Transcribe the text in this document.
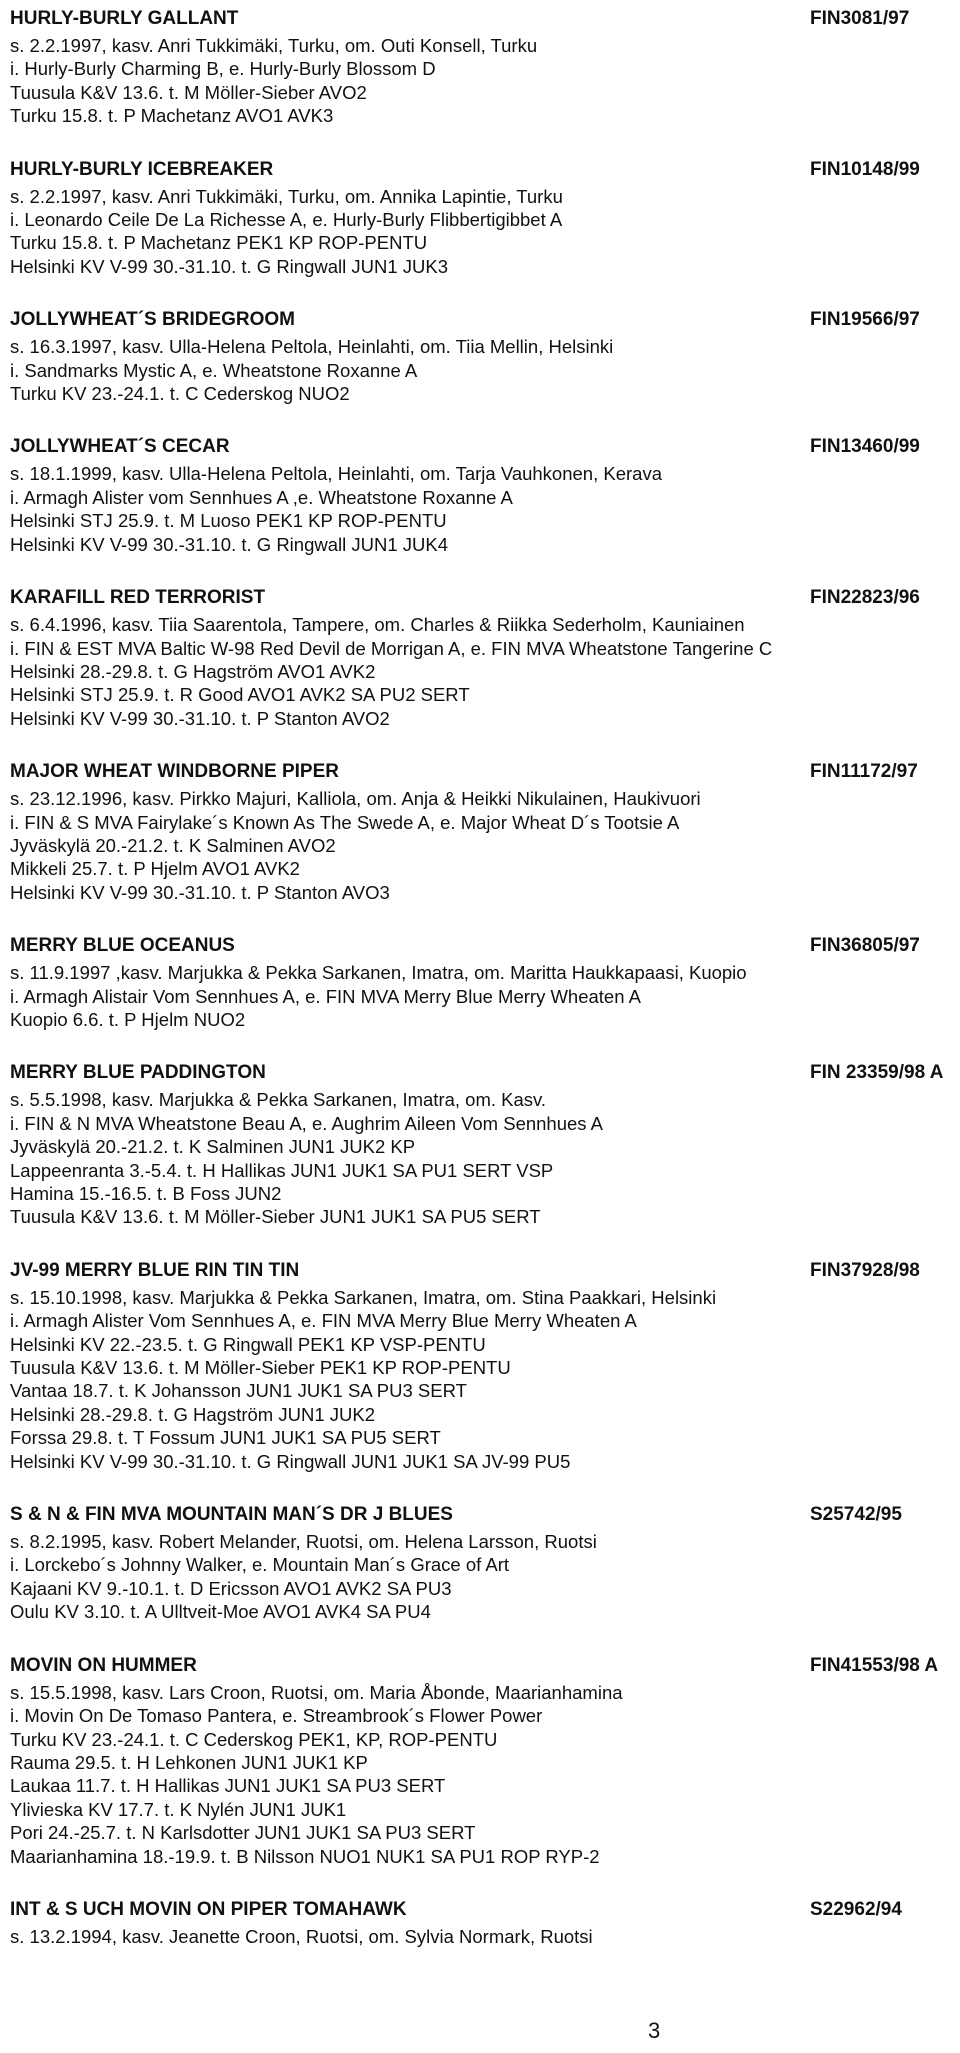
HURLY-BURLY GALLANT	FIN3081/97
s. 2.2.1997, kasv. Anri Tukkimäki, Turku, om. Outi Konsell, Turku
i. Hurly-Burly Charming B, e. Hurly-Burly Blossom D
Tuusula K&V 13.6. t. M Möller-Sieber AVO2
Turku 15.8. t. P Machetanz AVO1 AVK3
HURLY-BURLY ICEBREAKER	FIN10148/99
s. 2.2.1997, kasv. Anri Tukkimäki, Turku, om. Annika Lapintie, Turku
i. Leonardo Ceile De La Richesse A, e. Hurly-Burly Flibbertigibbet A
Turku 15.8. t. P Machetanz PEK1 KP ROP-PENTU
Helsinki KV V-99 30.-31.10. t. G Ringwall JUN1 JUK3
JOLLYWHEAT´S BRIDEGROOM	FIN19566/97
s. 16.3.1997, kasv. Ulla-Helena Peltola, Heinlahti, om. Tiia Mellin, Helsinki
i. Sandmarks Mystic A, e. Wheatstone Roxanne A
Turku KV 23.-24.1. t. C Cederskog NUO2
JOLLYWHEAT´S CECAR	FIN13460/99
s. 18.1.1999, kasv. Ulla-Helena Peltola, Heinlahti, om. Tarja Vauhkonen, Kerava
i. Armagh Alister vom Sennhues A ,e. Wheatstone Roxanne A
Helsinki STJ 25.9. t. M Luoso PEK1 KP ROP-PENTU
Helsinki KV V-99 30.-31.10. t. G Ringwall JUN1 JUK4
KARAFILL RED TERRORIST	FIN22823/96
s. 6.4.1996, kasv. Tiia Saarentola, Tampere, om. Charles & Riikka Sederholm, Kauniainen
i. FIN & EST MVA Baltic W-98 Red Devil de Morrigan A, e. FIN MVA Wheatstone Tangerine C
Helsinki 28.-29.8. t. G Hagström AVO1 AVK2
Helsinki STJ 25.9. t. R Good AVO1 AVK2 SA PU2 SERT
Helsinki KV V-99 30.-31.10. t. P Stanton AVO2
MAJOR WHEAT WINDBORNE PIPER	FIN11172/97
s. 23.12.1996, kasv. Pirkko Majuri, Kalliola, om. Anja & Heikki Nikulainen, Haukivuori
i. FIN & S MVA Fairylake´s Known As The Swede A, e. Major Wheat D´s Tootsie A
Jyväskylä 20.-21.2. t. K Salminen AVO2
Mikkeli 25.7. t. P Hjelm AVO1 AVK2
Helsinki KV V-99 30.-31.10. t. P Stanton AVO3
MERRY BLUE OCEANUS	FIN36805/97
s. 11.9.1997 ,kasv. Marjukka & Pekka Sarkanen, Imatra, om. Maritta Haukkapaasi, Kuopio
i. Armagh Alistair Vom Sennhues A, e. FIN MVA Merry Blue Merry Wheaten A
Kuopio 6.6. t. P Hjelm NUO2
MERRY BLUE PADDINGTON	FIN 23359/98 A
s. 5.5.1998, kasv. Marjukka & Pekka Sarkanen, Imatra, om. Kasv.
i. FIN & N MVA Wheatstone Beau A, e. Aughrim Aileen Vom Sennhues A
Jyväskylä 20.-21.2. t. K Salminen JUN1 JUK2 KP
Lappeenranta 3.-5.4. t. H Hallikas JUN1 JUK1 SA PU1 SERT VSP
Hamina 15.-16.5. t. B Foss JUN2
Tuusula K&V 13.6. t. M Möller-Sieber JUN1 JUK1 SA PU5 SERT
JV-99 MERRY BLUE RIN TIN TIN	FIN37928/98
s. 15.10.1998, kasv. Marjukka & Pekka Sarkanen, Imatra, om. Stina Paakkari, Helsinki
i. Armagh Alister Vom Sennhues A, e. FIN MVA Merry Blue Merry Wheaten A
Helsinki KV 22.-23.5. t. G Ringwall PEK1 KP VSP-PENTU
Tuusula K&V 13.6. t. M Möller-Sieber PEK1 KP ROP-PENTU
Vantaa 18.7. t. K Johansson JUN1 JUK1 SA PU3 SERT
Helsinki 28.-29.8. t. G Hagström JUN1 JUK2
Forssa 29.8. t. T Fossum JUN1 JUK1 SA PU5 SERT
Helsinki KV V-99 30.-31.10. t. G Ringwall JUN1 JUK1 SA JV-99 PU5
S & N & FIN MVA MOUNTAIN MAN´S DR J BLUES	S25742/95
s. 8.2.1995, kasv. Robert Melander, Ruotsi, om. Helena Larsson, Ruotsi
i. Lorckebo´s Johnny Walker, e. Mountain Man´s Grace of Art
Kajaani KV 9.-10.1. t. D Ericsson AVO1 AVK2 SA PU3
Oulu KV 3.10. t. A Ulltveit-Moe AVO1 AVK4 SA PU4
MOVIN ON HUMMER	FIN41553/98 A
s. 15.5.1998, kasv. Lars Croon, Ruotsi, om. Maria Åbonde, Maarianhamina
i. Movin On De Tomaso Pantera, e. Streambrook´s Flower Power
Turku KV 23.-24.1. t. C Cederskog PEK1, KP, ROP-PENTU
Rauma 29.5. t. H Lehkonen JUN1 JUK1 KP
Laukaa 11.7. t. H Hallikas JUN1 JUK1 SA PU3 SERT
Ylivieska KV 17.7. t. K Nylén JUN1 JUK1
Pori 24.-25.7. t. N Karlsdotter JUN1 JUK1 SA PU3 SERT
Maarianhamina 18.-19.9. t. B Nilsson NUO1 NUK1 SA PU1 ROP RYP-2
INT & S UCH MOVIN ON PIPER TOMAHAWK	S22962/94
s. 13.2.1994, kasv. Jeanette Croon, Ruotsi, om. Sylvia Normark, Ruotsi
3
